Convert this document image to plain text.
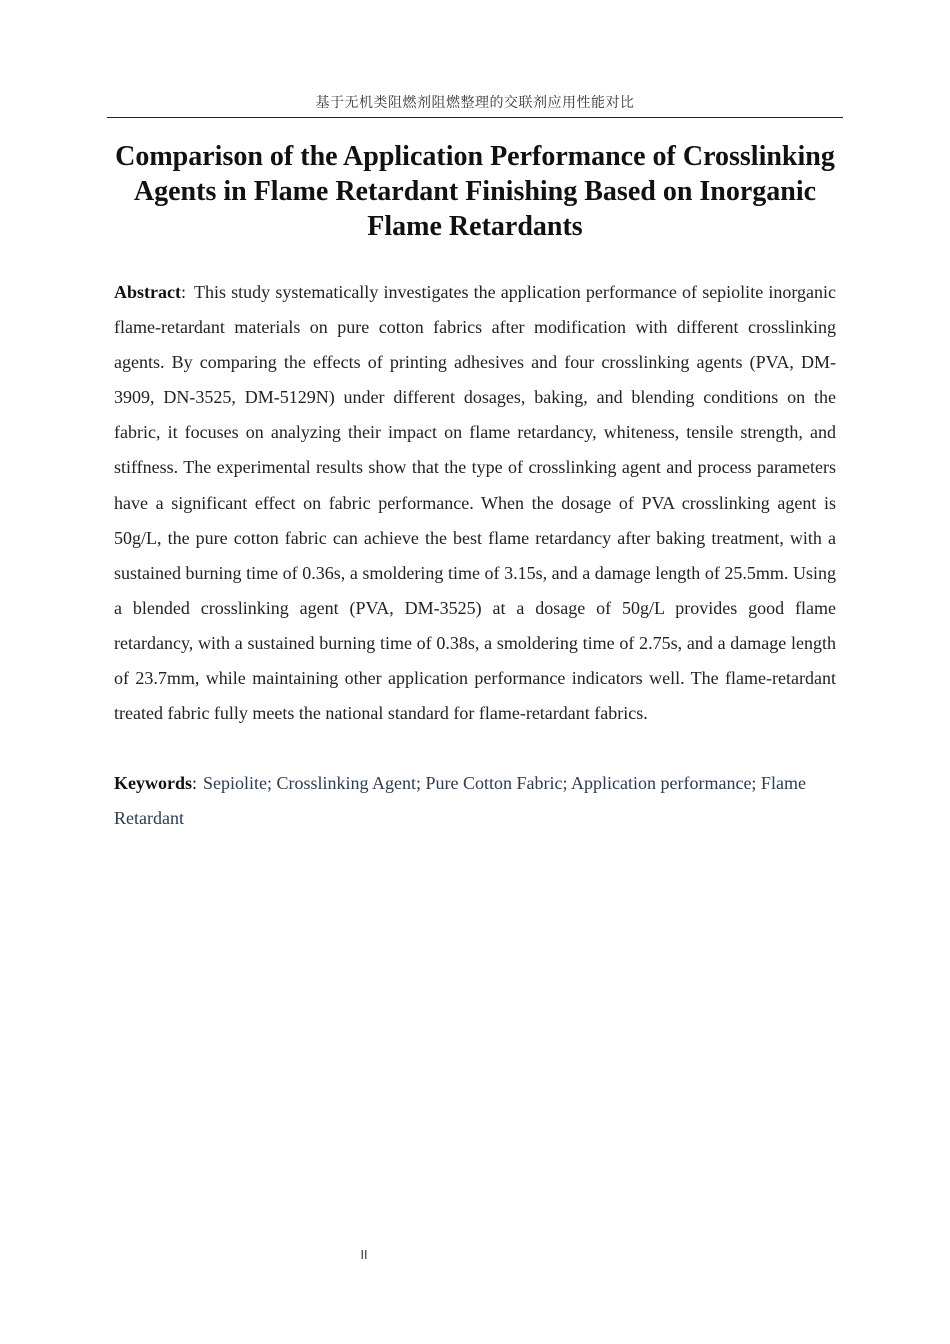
基于无机类阻燃剂阻燃整理的交联剂应用性能对比
Comparison of the Application Performance of Crosslinking Agents in Flame Retardant Finishing Based on Inorganic Flame Retardants

Abstract: This study systematically investigates the application performance of sepiolite inorganic flame-retardant materials on pure cotton fabrics after modification with different crosslinking agents. By comparing the effects of printing adhesives and four crosslinking agents (PVA, DM-3909, DN-3525, DM-5129N) under different dosages, baking, and blending conditions on the fabric, it focuses on analyzing their impact on flame retardancy, whiteness, tensile strength, and stiffness. The experimental results show that the type of crosslinking agent and process parameters have a significant effect on fabric performance. When the dosage of PVA crosslinking agent is 50g/L, the pure cotton fabric can achieve the best flame retardancy after baking treatment, with a sustained burning time of 0.36s, a smoldering time of 3.15s, and a damage length of 25.5mm. Using a blended crosslinking agent (PVA, DM-3525) at a dosage of 50g/L provides good flame retardancy, with a sustained burning time of 0.38s, a smoldering time of 2.75s, and a damage length of 23.7mm, while maintaining other application performance indicators well. The flame-retardant treated fabric fully meets the national standard for flame-retardant fabrics.

Keywords: Sepiolite; Crosslinking Agent; Pure Cotton Fabric; Application performance; Flame Retardant

II
